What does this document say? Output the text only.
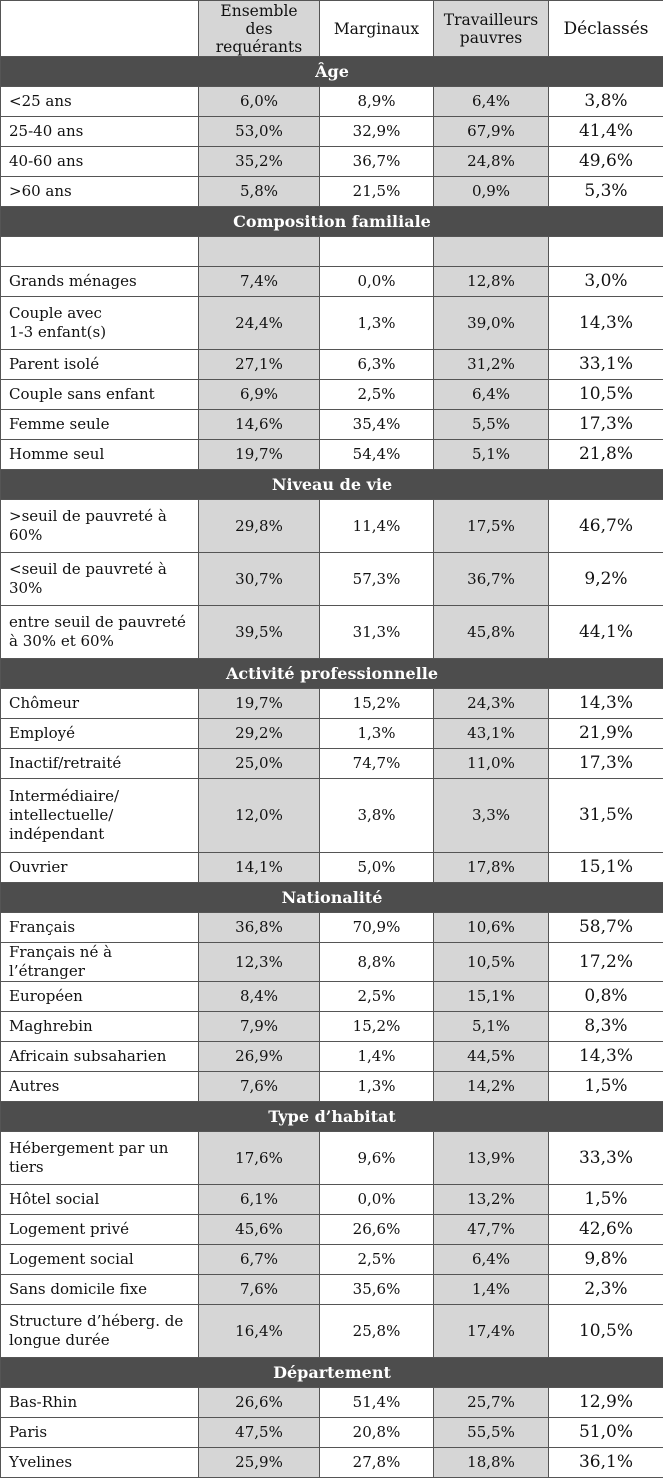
	Ensemble des requérants	Marginaux	Travailleurs pauvres	Déclassés
Âge				
<25 ans	6,0%	8,9%	6,4%	3,8%
25-40 ans	53,0%	32,9%	67,9%	41,4%
40-60 ans	35,2%	36,7%	24,8%	49,6%
>60 ans	5,8%	21,5%	0,9%	5,3%
Composition familiale				

Grands ménages	7,4%	0,0%	12,8%	3,0%
Couple avec
1-3 enfant(s)	24,4%	1,3%	39,0%	14,3%
Parent isolé	27,1%	6,3%	31,2%	33,1%
Couple sans enfant	6,9%	2,5%	6,4%	10,5%
Femme seule	14,6%	35,4%	5,5%	17,3%
Homme seul	19,7%	54,4%	5,1%	21,8%
Niveau de vie				
>seuil de pauvreté à
60%	29,8%	11,4%	17,5%	46,7%
<seuil de pauvreté à
30%	30,7%	57,3%	36,7%	9,2%
entre seuil de pauvreté
à 30% et 60%	39,5%	31,3%	45,8%	44,1%
Activité professionnelle				
Chômeur	19,7%	15,2%	24,3%	14,3%
Employé	29,2%	1,3%	43,1%	21,9%
Inactif/retraité	25,0%	74,7%	11,0%	17,3%
Intermédiaire/
intellectuelle/
indépendant	12,0%	3,8%	3,3%	31,5%
Ouvrier	14,1%	5,0%	17,8%	15,1%
Nationalité				
Français	36,8%	70,9%	10,6%	58,7%
Français né à l’étranger	12,3%	8,8%	10,5%	17,2%
Européen	8,4%	2,5%	15,1%	0,8%
Maghrebin	7,9%	15,2%	5,1%	8,3%
Africain subsaharien	26,9%	1,4%	44,5%	14,3%
Autres	7,6%	1,3%	14,2%	1,5%
Type d’habitat				
Hébergement par un
tiers	17,6%	9,6%	13,9%	33,3%
Hôtel social	6,1%	0,0%	13,2%	1,5%
Logement privé	45,6%	26,6%	47,7%	42,6%
Logement social	6,7%	2,5%	6,4%	9,8%
Sans domicile fixe	7,6%	35,6%	1,4%	2,3%
Structure d’héberg. de
longue durée	16,4%	25,8%	17,4%	10,5%
Département				
Bas-Rhin	26,6%	51,4%	25,7%	12,9%
Paris	47,5%	20,8%	55,5%	51,0%
Yvelines	25,9%	27,8%	18,8%	36,1%
